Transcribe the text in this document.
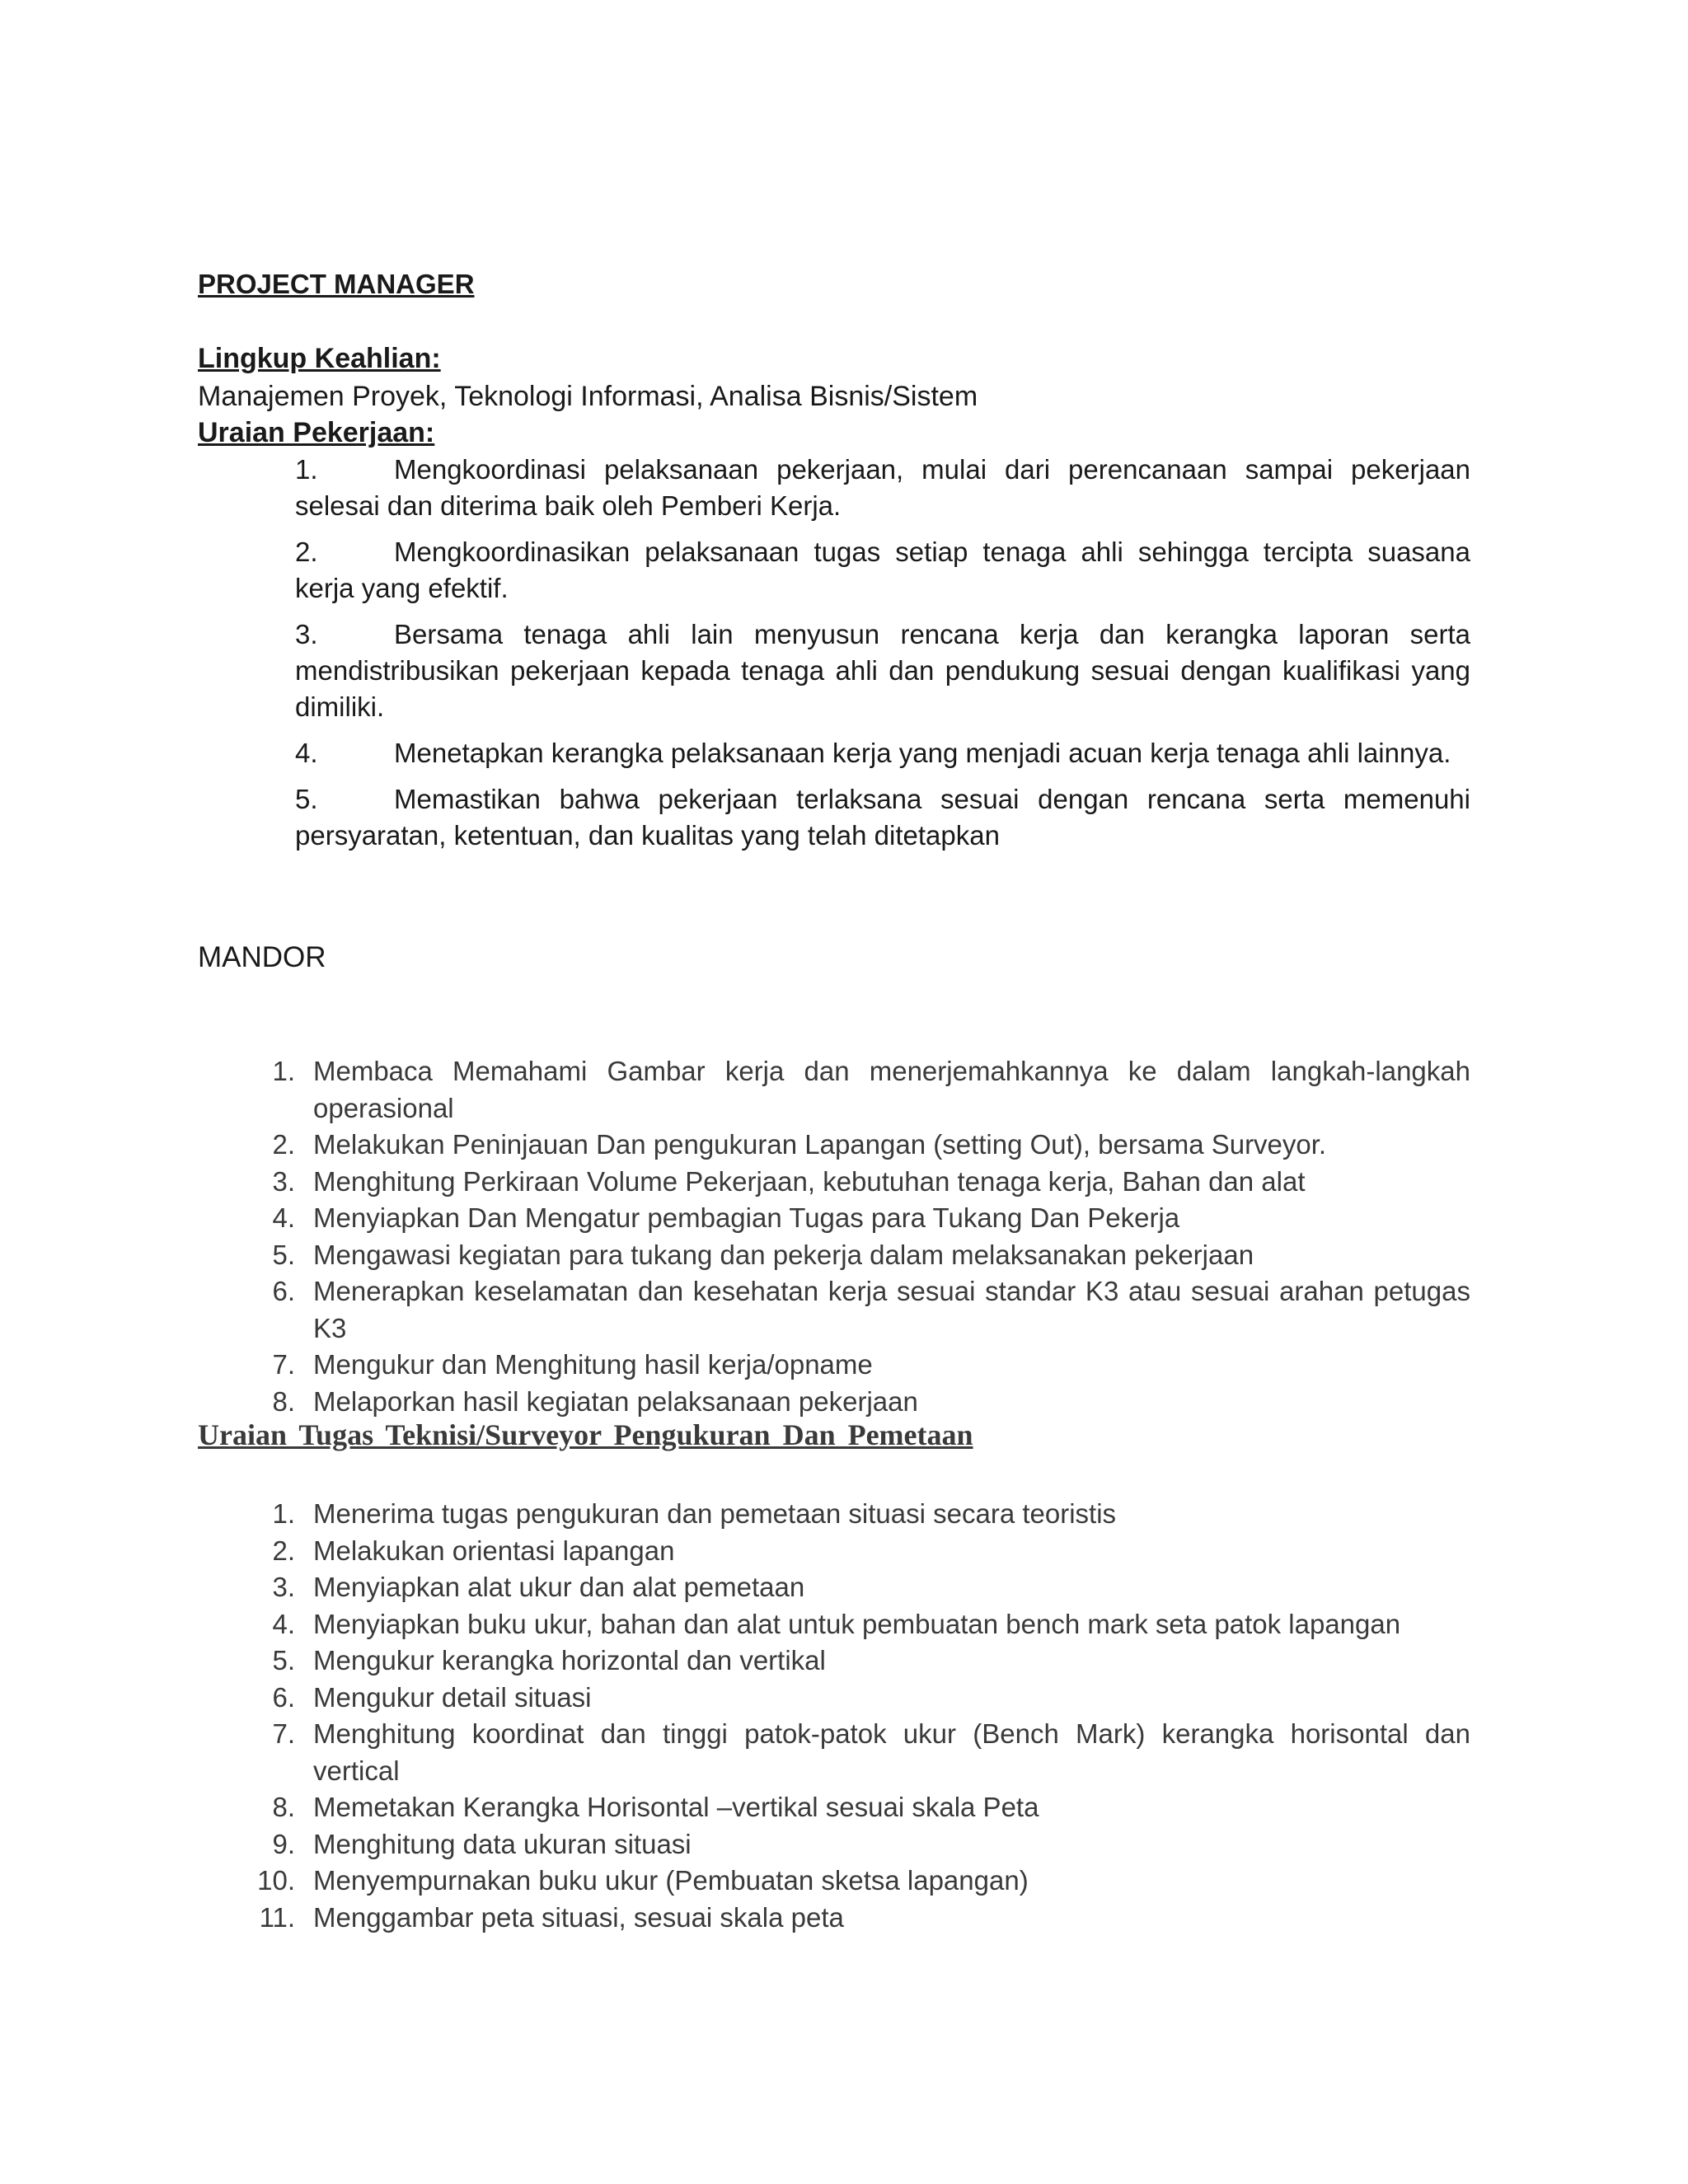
PROJECT MANAGER
Lingkup Keahlian:
Manajemen Proyek, Teknologi Informasi, Analisa Bisnis/Sistem
Uraian Pekerjaan:

1.	Mengkoordinasi pelaksanaan pekerjaan, mulai dari perencanaan sampai pekerjaan selesai dan diterima baik oleh Pemberi Kerja.

2.	Mengkoordinasikan pelaksanaan tugas setiap tenaga ahli sehingga tercipta suasana kerja yang efektif.

3.	Bersama tenaga ahli lain menyusun rencana kerja dan kerangka laporan serta mendistribusikan pekerjaan kepada tenaga ahli dan pendukung sesuai dengan kualifikasi yang dimiliki.

4.	Menetapkan kerangka pelaksanaan kerja yang menjadi acuan kerja tenaga ahli lainnya.

5.	Memastikan bahwa pekerjaan terlaksana sesuai dengan rencana serta memenuhi persyaratan, ketentuan, dan kualitas yang telah ditetapkan

MANDOR
1. Membaca Memahami Gambar kerja dan menerjemahkannya ke dalam langkah-langkah operasional
2. Melakukan Peninjauan Dan pengukuran Lapangan (setting Out), bersama Surveyor.
3. Menghitung Perkiraan Volume Pekerjaan, kebutuhan tenaga kerja, Bahan dan alat
4. Menyiapkan Dan Mengatur pembagian Tugas para Tukang Dan Pekerja
5. Mengawasi kegiatan para tukang dan pekerja dalam melaksanakan pekerjaan
6. Menerapkan keselamatan dan kesehatan kerja sesuai standar K3 atau sesuai arahan petugas K3
7. Mengukur dan Menghitung hasil kerja/opname
8. Melaporkan hasil kegiatan pelaksanaan pekerjaan
Uraian Tugas Teknisi/Surveyor Pengukuran Dan Pemetaan
1. Menerima tugas pengukuran dan pemetaan situasi secara teoristis
2. Melakukan orientasi lapangan
3. Menyiapkan alat ukur dan alat pemetaan
4. Menyiapkan buku ukur, bahan dan alat untuk pembuatan bench mark seta patok lapangan
5. Mengukur kerangka horizontal dan vertikal
6. Mengukur detail situasi
7. Menghitung koordinat dan tinggi patok-patok ukur (Bench Mark) kerangka horisontal dan vertical
8. Memetakan Kerangka Horisontal –vertikal sesuai skala Peta
9. Menghitung data ukuran situasi
10. Menyempurnakan buku ukur (Pembuatan sketsa lapangan)
11. Menggambar peta situasi, sesuai skala peta
